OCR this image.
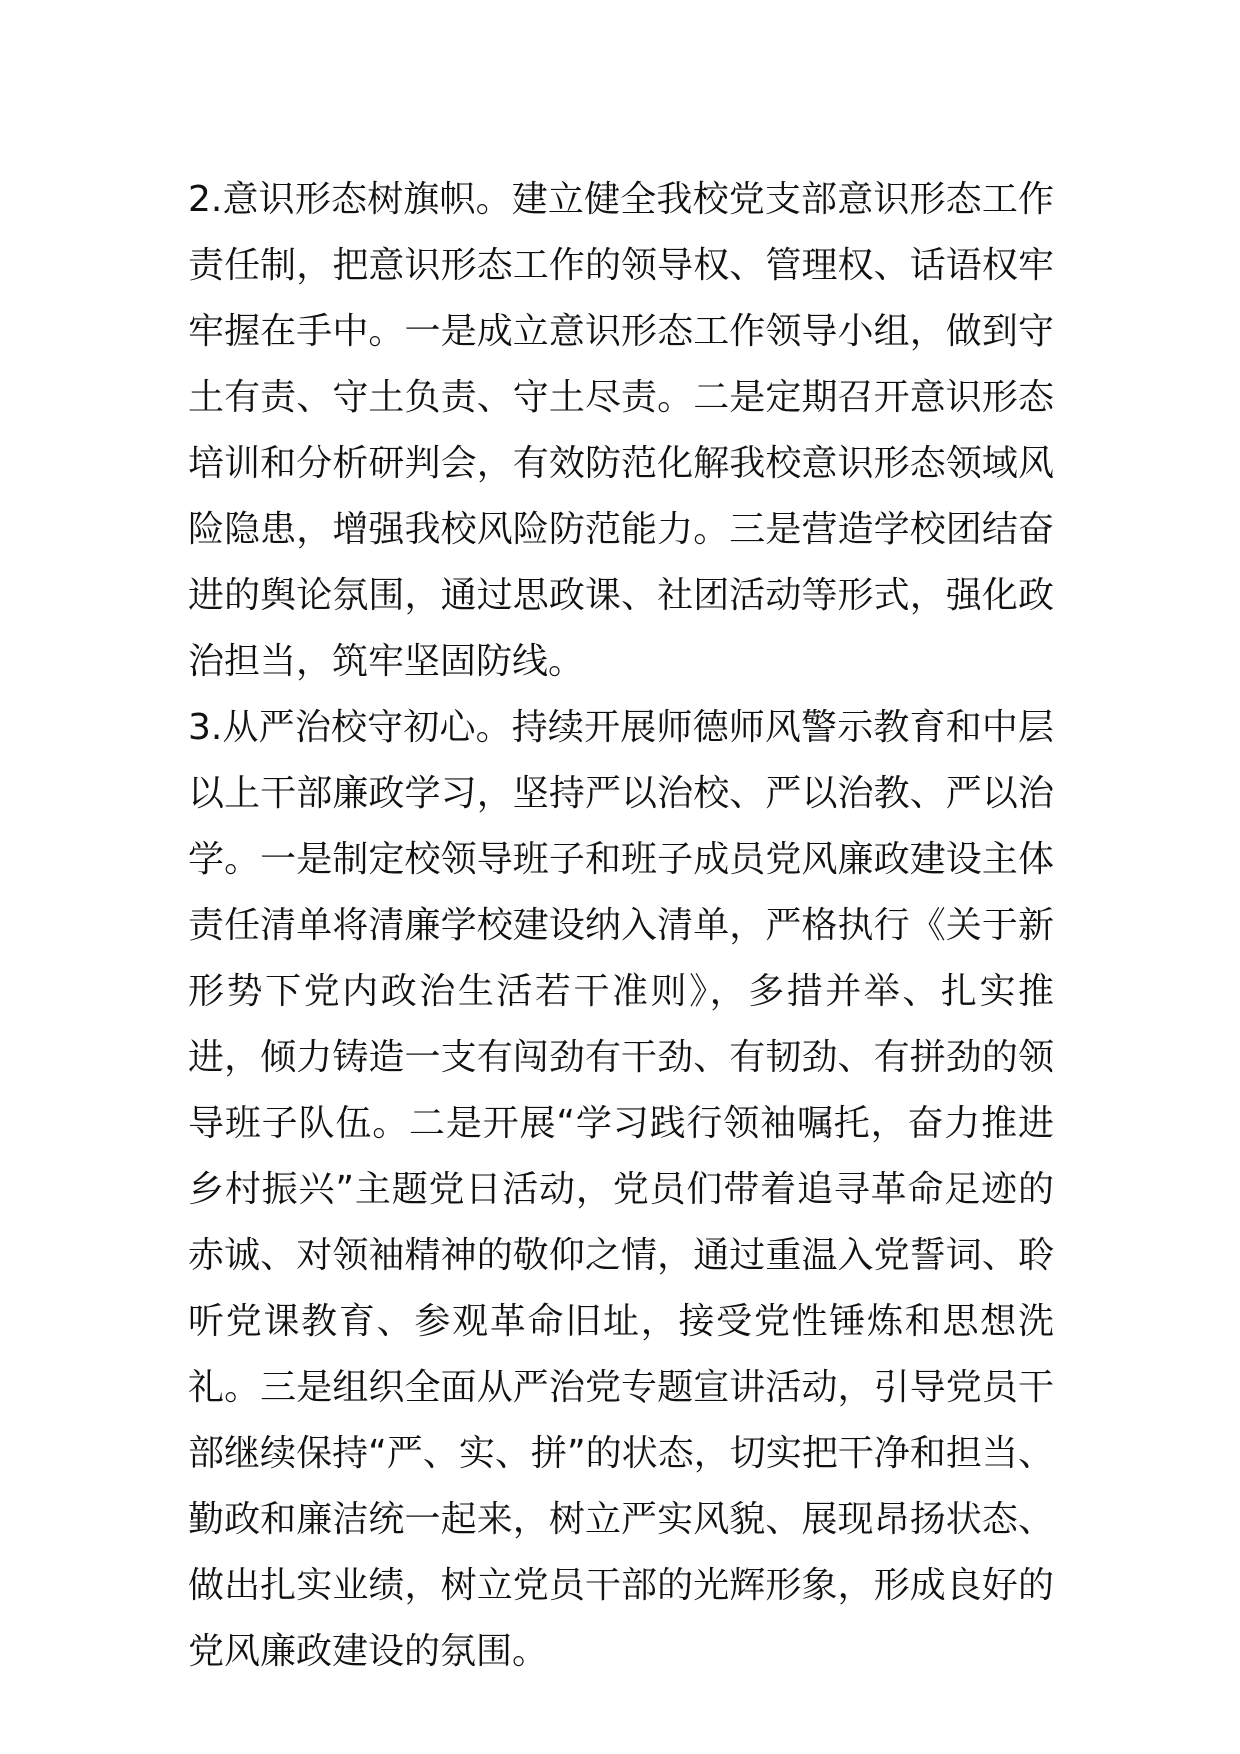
2.意识形态树旗帜。建立健全我校党支部意识形态工作责任制，把意识形态工作的领导权、管理权、话语权牢牢握在手中。一是成立意识形态工作领导小组，做到守土有责、守土负责、守土尽责。二是定期召开意识形态培训和分析研判会，有效防范化解我校意识形态领域风险隐患，增强我校风险防范能力。三是营造学校团结奋进的舆论氛围，通过思政课、社团活动等形式，强化政治担当，筑牢坚固防线。

3.从严治校守初心。持续开展师德师风警示教育和中层以上干部廉政学习，坚持严以治校、严以治教、严以治学。一是制定校领导班子和班子成员党风廉政建设主体责任清单将清廉学校建设纳入清单，严格执行《关于新形势下党内政治生活若干准则》，多措并举、扎实推进，倾力铸造一支有闯劲有干劲、有韧劲、有拼劲的领导班子队伍。二是开展“学习践行领袖嘱托，奋力推进乡村振兴”主题党日活动，党员们带着追寻革命足迹的赤诚、对领袖精神的敬仰之情，通过重温入党誓词、聆听党课教育、参观革命旧址，接受党性锤炼和思想洗礼。三是组织全面从严治党专题宣讲活动，引导党员干部继续保持“严、实、拼”的状态，切实把干净和担当、勤政和廉洁统一起来，树立严实风貌、展现昂扬状态、做出扎实业绩，树立党员干部的光辉形象，形成良好的党风廉政建设的氛围。
